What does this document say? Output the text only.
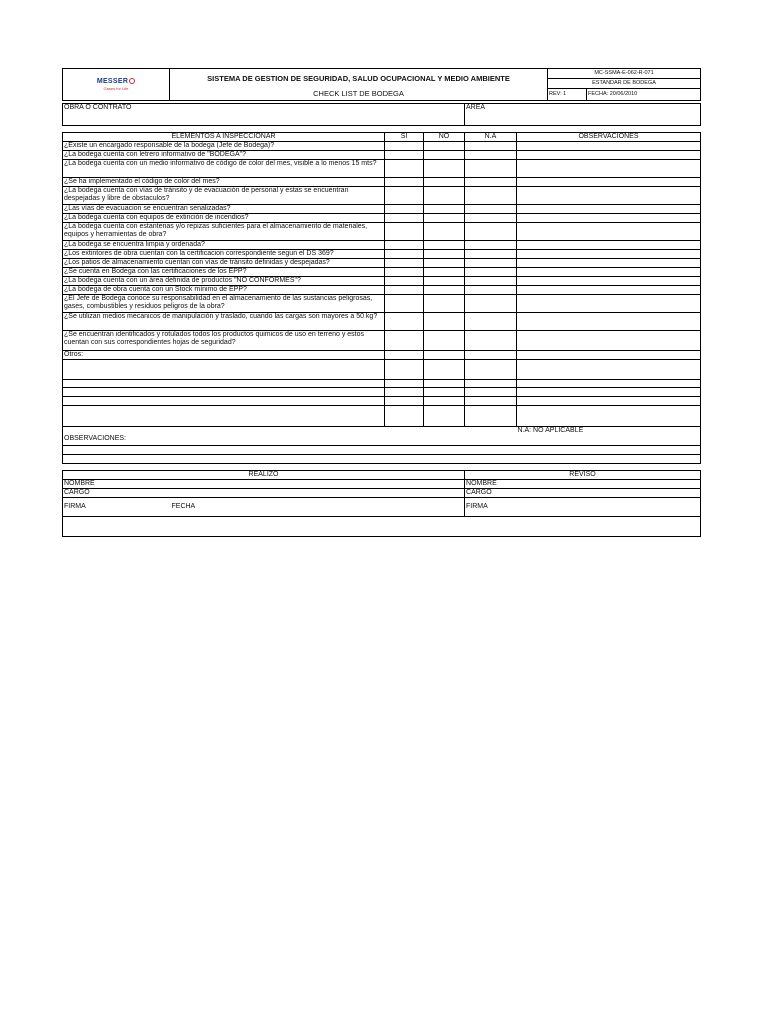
MESSER
Gases for Life
	SISTEMA DE GESTION DE SEGURIDAD, SALUD OCUPACIONAL Y MEDIO AMBIENTE	MC-SSMA-E-062-R-071
ESTANDAR DE BODEGA
CHECK LIST DE BODEGA		REV: 1	FECHA: 20/06/2010
OBRA O CONTRATO	ÁREA
ELEMENTOS A INSPECCIONAR	SI	NO	N.A	OBSERVACIONES
¿Existe un encargado responsable de la bodega (Jefe de Bodega)?				
¿La bodega cuenta con letrero informativo de "BODEGA"?				
¿La bodega cuenta con un medio informativo de código de color del mes, visible a lo menos 15 mts?				
¿Se ha implementado el código de color del mes?				
¿La bodega cuenta con vías de tránsito y de evacuación de personal y estas se encuentran despejadas y libre de obstaculos?				
¿Las vías de evacuacion se encuentran senalizadas?				
¿La bodega cuenta con equipos de extinción de incendios?				
¿La bodega cuenta con estanterias y/o repizas suficientes para el almacenamiento de materiales, equipos y herramientas de obra?				
¿La bodega se encuentra limpia y ordenada?				
¿Los extintores de obra cuentan con la certificacion correspondiente segun el DS 369?				
¿Los patios de almacenamiento cuentan con vías de tránsito definidas y despejadas?				
¿Se cuenta en Bodega con las certificaciones de los EPP?				
¿La bodega cuenta con un área definida de productos "NO CONFORMES"?				
¿La bodega de obra cuenta con un Stock mínimo de EPP?				
¿El Jefe de Bodega conoce su responsabilidad en el almacenamiento de las sustancias peligrosas, gases, combustibles y residuos peligros de la obra?				
¿Se utilizan medios mecanicos de manipulación y traslado, cuando las cargas son mayores a 50 kg?				
¿Se encuentran identificados y rotulados todos los productos quimicos de uso en terreno y estos cuentan con sus correspondientes hojas de seguridad?				
Otros:				

				N.A: NO APLICABLE
OBSERVACIONES:				

REALIZÓ		REVISÓ
NOMBRE		NOMBRE
CARGO		CARGO
FIRMA	FECHA	FIRMA
